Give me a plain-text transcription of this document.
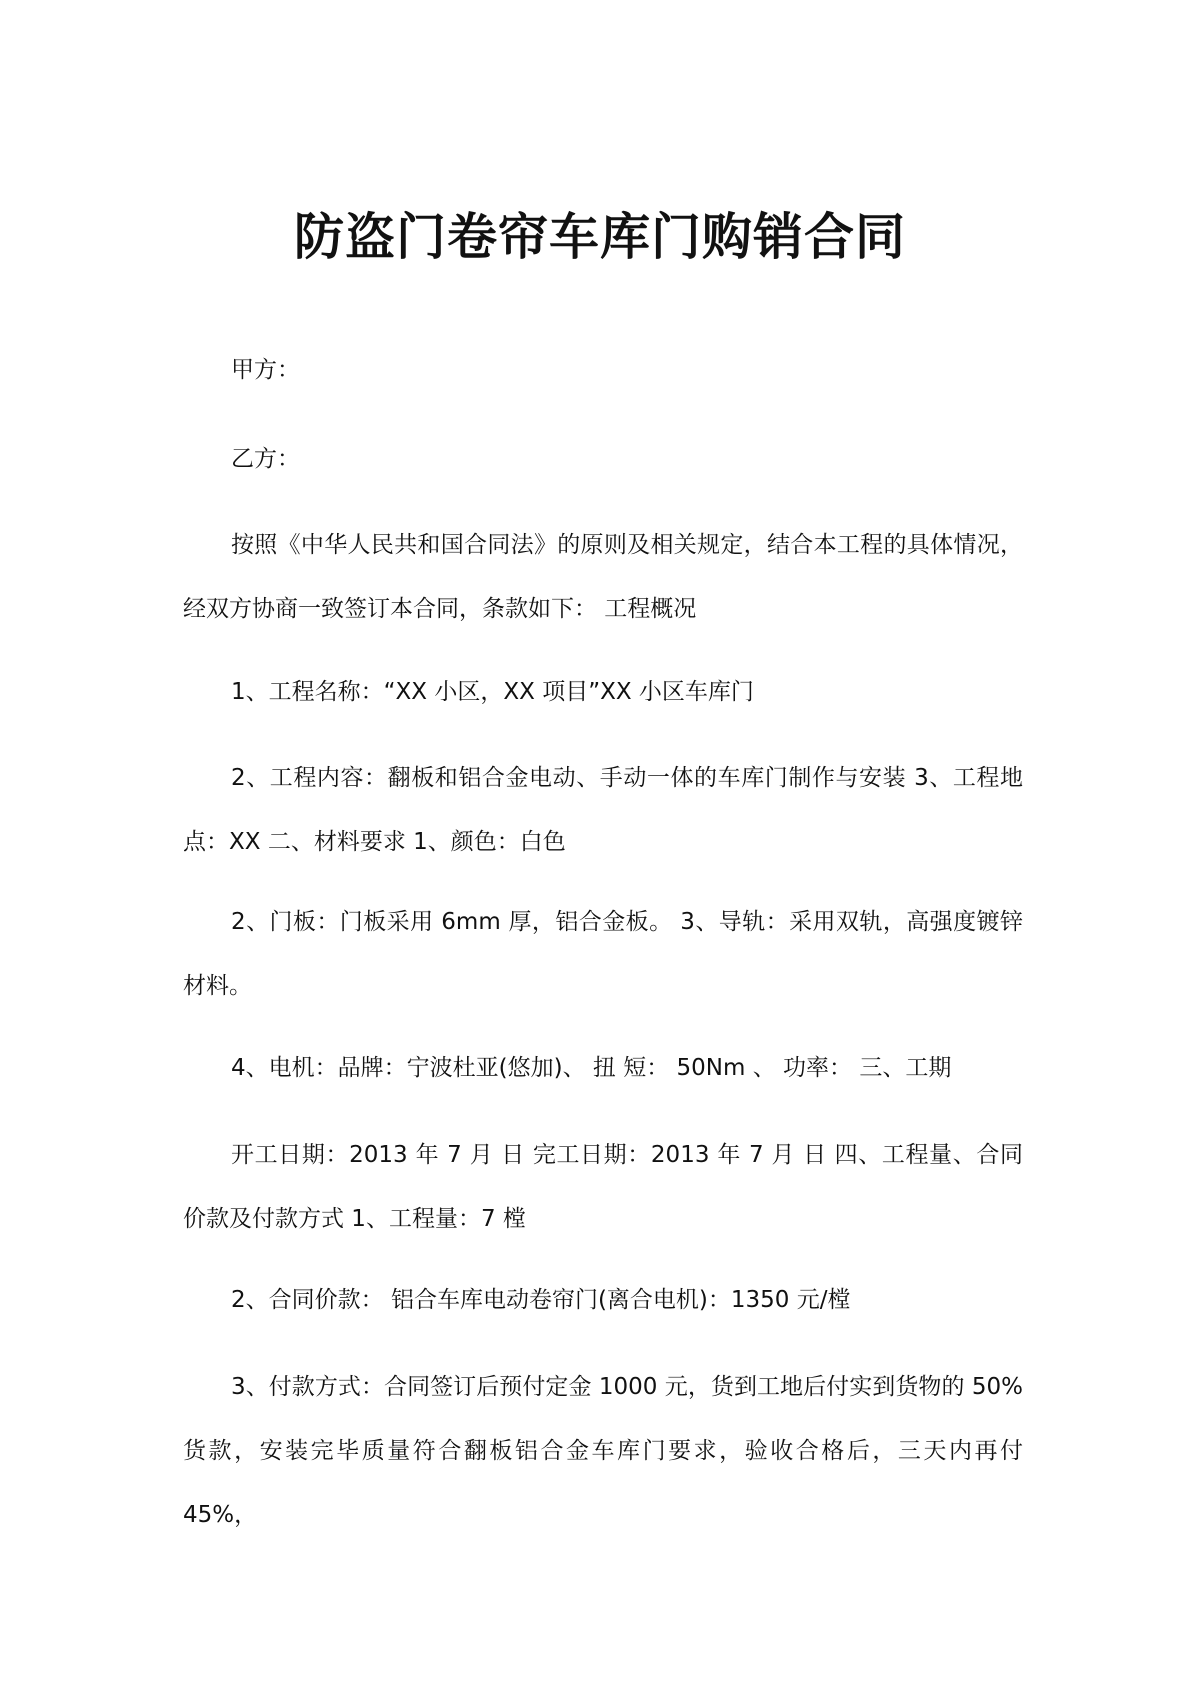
防盗门卷帘车库门购销合同

甲方：

乙方：

按照《中华人民共和国合同法》的原则及相关规定，结合本工程的具体情况，经双方协商一致签订本合同，条款如下： 工程概况

1、工程名称：“XX 小区，XX 项目”XX 小区车库门

2、工程内容：翻板和铝合金电动、手动一体的车库门制作与安装 3、工程地点：XX 二、材料要求 1、颜色：白色

2、门板：门板采用 6mm 厚，铝合金板。 3、导轨：采用双轨，高强度镀锌材料。

4、电机：品牌：宁波杜亚(悠加)、 扭 短： 50Nm 、 功率： 三、工期

开工日期：2013 年 7 月 日 完工日期：2013 年 7 月 日 四、工程量、合同价款及付款方式 1、工程量：7 樘

2、合同价款： 铝合车库电动卷帘门(离合电机)：1350 元/樘

3、付款方式：合同签订后预付定金 1000 元，货到工地后付实到货物的 50%货款，安装完毕质量符合翻板铝合金车库门要求，验收合格后，三天内再付 45%，
